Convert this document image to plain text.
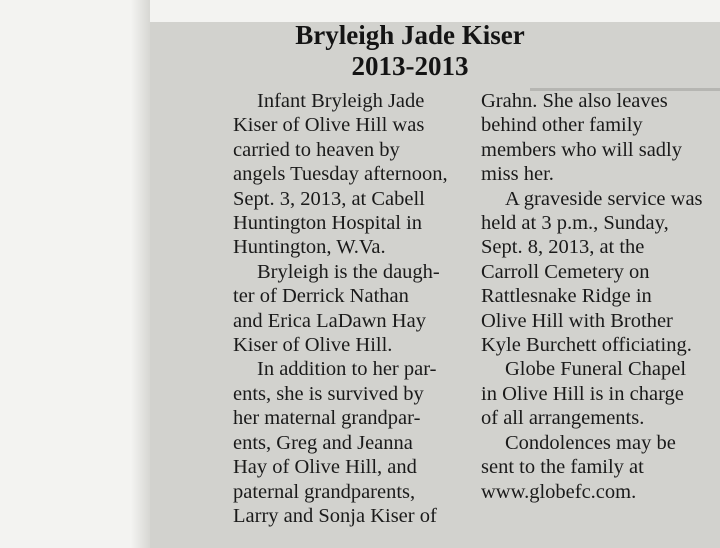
Bryleigh Jade Kiser
2013-2013
Infant Bryleigh Jade
Kiser of Olive Hill was
carried to heaven by
angels Tuesday afternoon,
Sept. 3, 2013, at Cabell
Huntington Hospital in
Huntington, W.Va.
Bryleigh is the daugh-
ter of Derrick Nathan
and Erica LaDawn Hay
Kiser of Olive Hill.
In addition to her par-
ents, she is survived by
her maternal grandpar-
ents, Greg and Jeanna
Hay of Olive Hill, and
paternal grandparents,
Larry and Sonja Kiser of
Grahn. She also leaves
behind other family
members who will sadly
miss her.
A graveside service was
held at 3 p.m., Sunday,
Sept. 8, 2013, at the
Carroll Cemetery on
Rattlesnake Ridge in
Olive Hill with Brother
Kyle Burchett officiating.
Globe Funeral Chapel
in Olive Hill is in charge
of all arrangements.
Condolences may be
sent to the family at
www.globefc.com.
